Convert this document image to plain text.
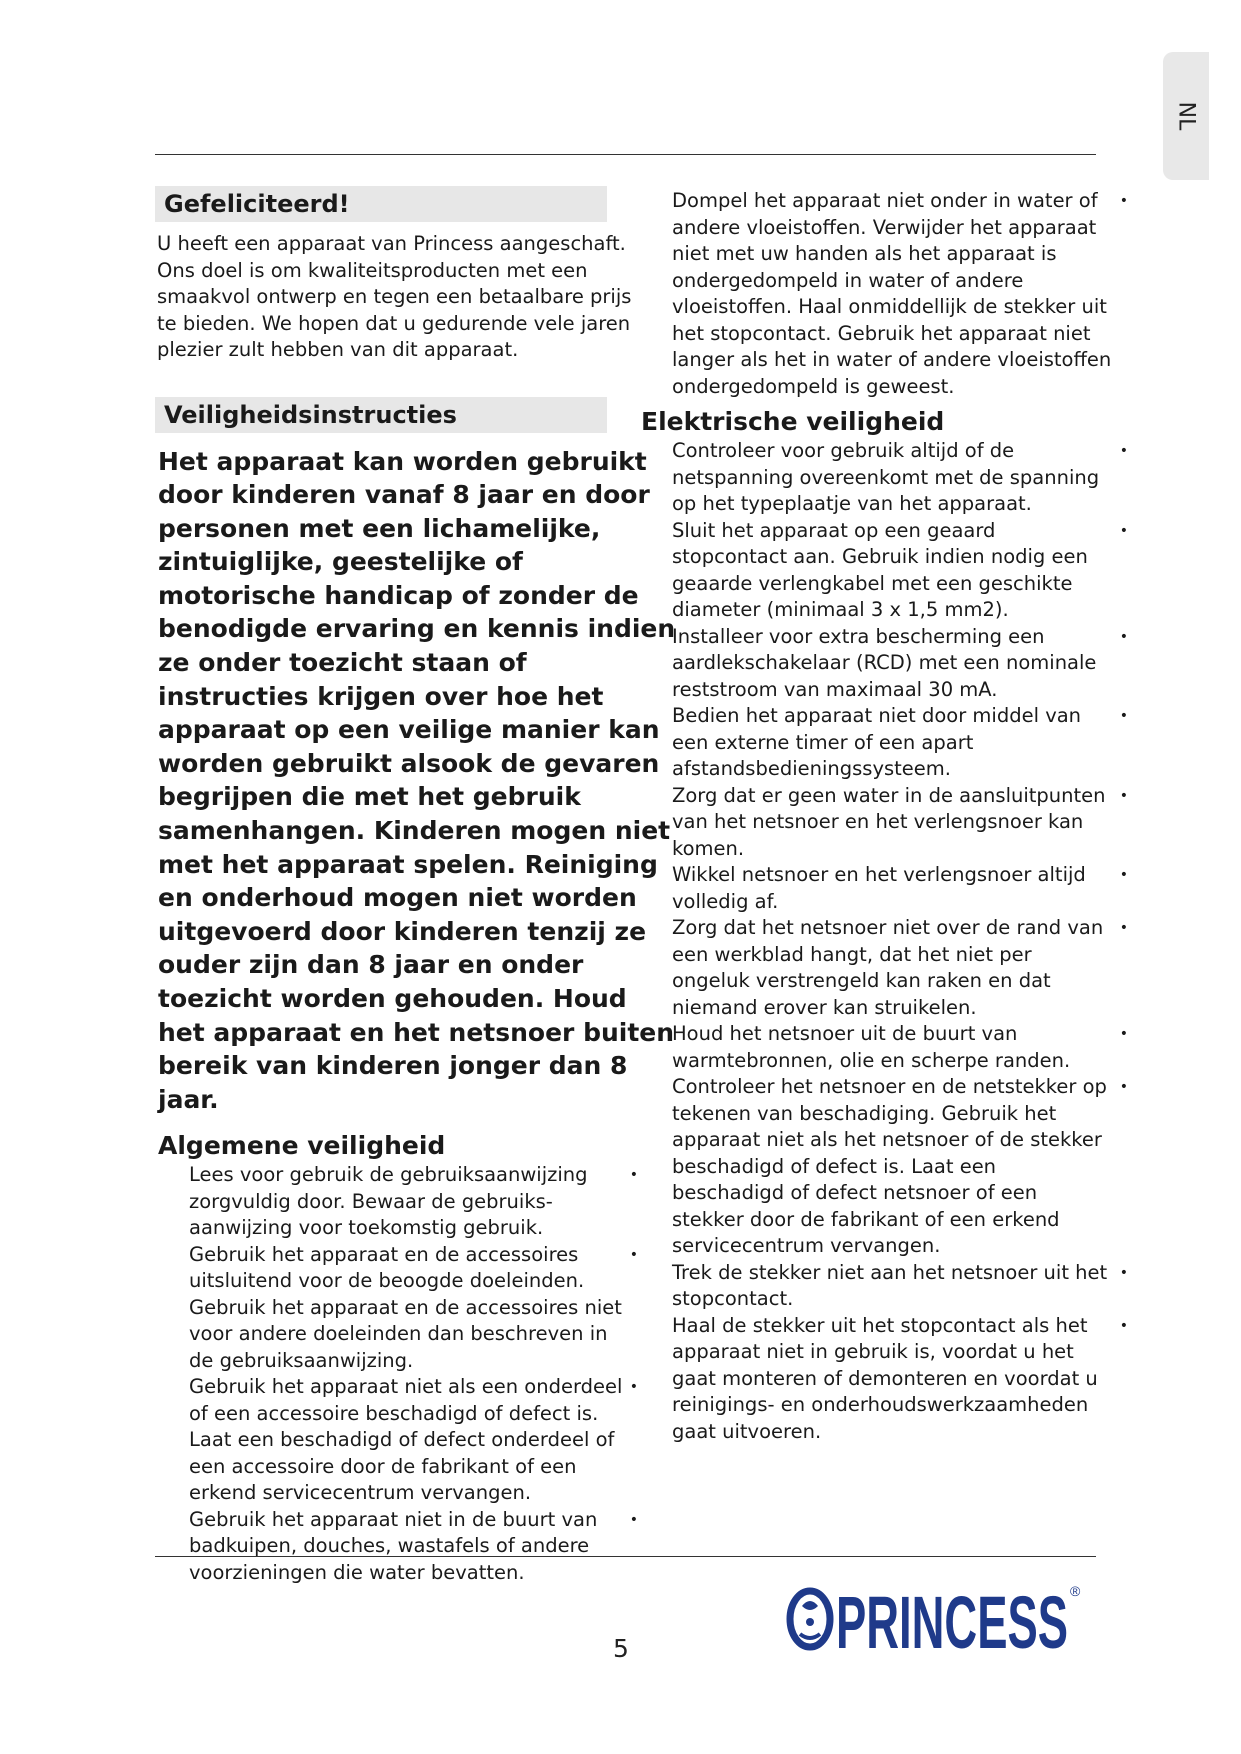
NL
Gefeliciteerd!

U heeft een apparaat van Princess aangeschaft. Ons doel is om kwaliteitsproducten met een smaakvol ontwerp en tegen een betaalbare prijs te bieden. We hopen dat u gedurende vele jaren plezier zult hebben van dit apparaat.

Veiligheidsinstructies

Het apparaat kan worden gebruikt door kinderen vanaf 8 jaar en door personen met een lichamelijke, zintuiglijke, geestelijke of motorische handicap of zonder de benodigde ervaring en kennis indien ze onder toezicht staan of instructies krijgen over hoe het apparaat op een veilige manier kan worden gebruikt alsook de gevaren begrijpen die met het gebruik samenhangen. Kinderen mogen niet met het apparaat spelen. Reiniging en onderhoud mogen niet worden uitgevoerd door kinderen tenzij ze ouder zijn dan 8 jaar en onder toezicht worden gehouden. Houd het apparaat en het netsnoer buiten bereik van kinderen jonger dan 8 jaar.

Algemene veiligheid
Lees voor gebruik de gebruiksaanwijzing zorgvuldig door. Bewaar de gebruiks-aanwijzing voor toekomstig gebruik.
•
Gebruik het apparaat en de accessoires uitsluitend voor de beoogde doeleinden. Gebruik het apparaat en de accessoires niet voor andere doeleinden dan beschreven in de gebruiksaanwijzing.
•
Gebruik het apparaat niet als een onderdeel of een accessoire beschadigd of defect is. Laat een beschadigd of defect onderdeel of een accessoire door de fabrikant of een erkend servicecentrum vervangen.
•
Gebruik het apparaat niet in de buurt van badkuipen, douches, wastafels of andere voorzieningen die water bevatten.
•
Dompel het apparaat niet onder in water of andere vloeistoffen. Verwijder het apparaat niet met uw handen als het apparaat is ondergedompeld in water of andere vloeistoffen. Haal onmiddellijk de stekker uit het stopcontact. Gebruik het apparaat niet langer als het in water of andere vloeistoffen ondergedompeld is geweest.
•
Elektrische veiligheid
Controleer voor gebruik altijd of de netspanning overeenkomt met de spanning op het typeplaatje van het apparaat.
•
Sluit het apparaat op een geaard stopcontact aan. Gebruik indien nodig een geaarde verlengkabel met een geschikte diameter (minimaal 3 x 1,5 mm2).
•
Installeer voor extra bescherming een aardlekschakelaar (RCD) met een nominale reststroom van maximaal 30 mA.
•
Bedien het apparaat niet door middel van een externe timer of een apart afstandsbedieningssysteem.
•
Zorg dat er geen water in de aansluitpunten van het netsnoer en het verlengsnoer kan komen.
•
Wikkel netsnoer en het verlengsnoer altijd volledig af.
•
Zorg dat het netsnoer niet over de rand van een werkblad hangt, dat het niet per ongeluk verstrengeld kan raken en dat niemand erover kan struikelen.
•
Houd het netsnoer uit de buurt van warmtebronnen, olie en scherpe randen.
•
Controleer het netsnoer en de netstekker op tekenen van beschadiging. Gebruik het apparaat niet als het netsnoer of de stekker beschadigd of defect is. Laat een beschadigd of defect netsnoer of een stekker door de fabrikant of een erkend servicecentrum vervangen.
•
Trek de stekker niet aan het netsnoer uit het stopcontact.
•
Haal de stekker uit het stopcontact als het apparaat niet in gebruik is, voordat u het gaat monteren of demonteren en voordat u reinigings- en onderhoudswerkzaamheden gaat uitvoeren.
•
5	PRINCESS ®
